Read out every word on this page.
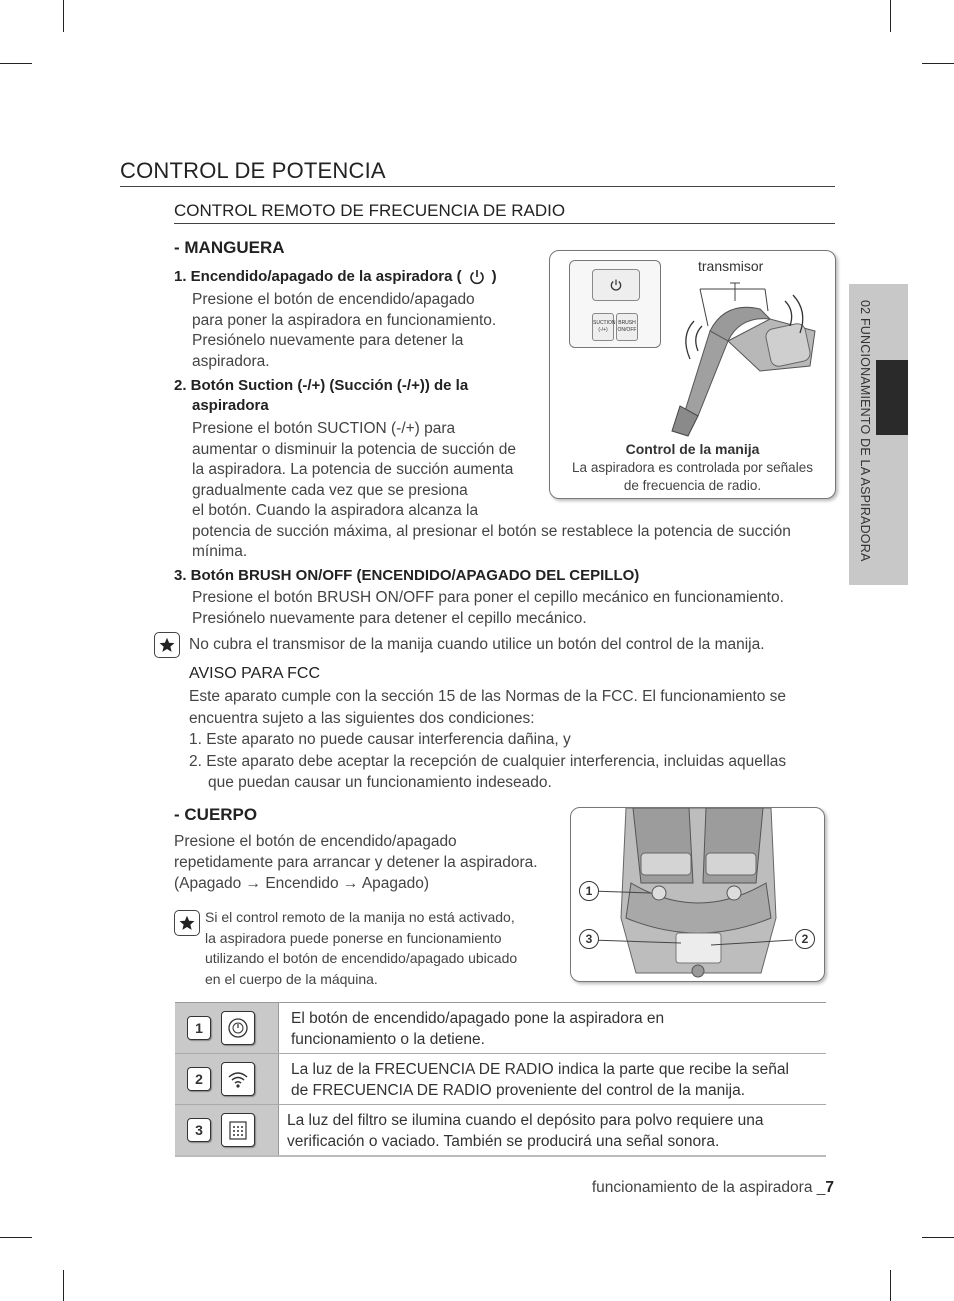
CONTROL DE POTENCIA
CONTROL REMOTO DE FRECUENCIA DE RADIO
02 FUNCIONAMIENTO DE LA ASPIRADORA
- MANGUERA
1. Encendido/apagado de la aspiradora ( )
Presione el botón de encendido/apagado
para poner la aspiradora en funcionamiento.
Presiónelo nuevamente para detener la
aspiradora.
2. Botón Suction (-/+) (Succión (-/+)) de la
aspiradora
Presione el botón SUCTION (-/+) para
aumentar o disminuir la potencia de succión de
la aspiradora. La potencia de succión aumenta
gradualmente cada vez que se presiona
el botón. Cuando la aspiradora alcanza la
potencia de succión máxima, al presionar el botón se restablece la potencia de succión
mínima.
3. Botón BRUSH ON/OFF (ENCENDIDO/APAGADO DEL CEPILLO)
Presione el botón BRUSH ON/OFF para poner el cepillo mecánico en funcionamiento.
Presiónelo nuevamente para detener el cepillo mecánico.
SUCTION
(-/+)
BRUSH
ON/OFF
transmisor
Control de la manija
La aspiradora es controlada por señales
de frecuencia de radio.
No cubra el transmisor de la manija cuando utilice un botón del control de la manija.
AVISO PARA FCC
Este aparato cumple con la sección 15 de las Normas de la FCC. El funcionamiento se
encuentra sujeto a las siguientes dos condiciones:
1. Este aparato no puede causar interferencia dañina, y
2. Este aparato debe aceptar la recepción de cualquier interferencia, incluidas aquellas
que puedan causar un funcionamiento indeseado.
- CUERPO
Presione el botón de encendido/apagado
repetidamente para arrancar y detener la aspiradora.
(Apagado → Encendido → Apagado)
Si el control remoto de la manija no está activado,
la aspiradora puede ponerse en funcionamiento
utilizando el botón de encendido/apagado ubicado
en el cuerpo de la máquina.
1
2
3
1
El botón de encendido/apagado pone la aspiradora en
funcionamiento o la detiene.
2
La luz de la FRECUENCIA DE RADIO indica la parte que recibe la señal
de FRECUENCIA DE RADIO proveniente del control de la manija.
3
La luz del filtro se ilumina cuando el depósito para polvo requiere una
verificación o vaciado. También se producirá una señal sonora.
funcionamiento de la aspiradora _7
